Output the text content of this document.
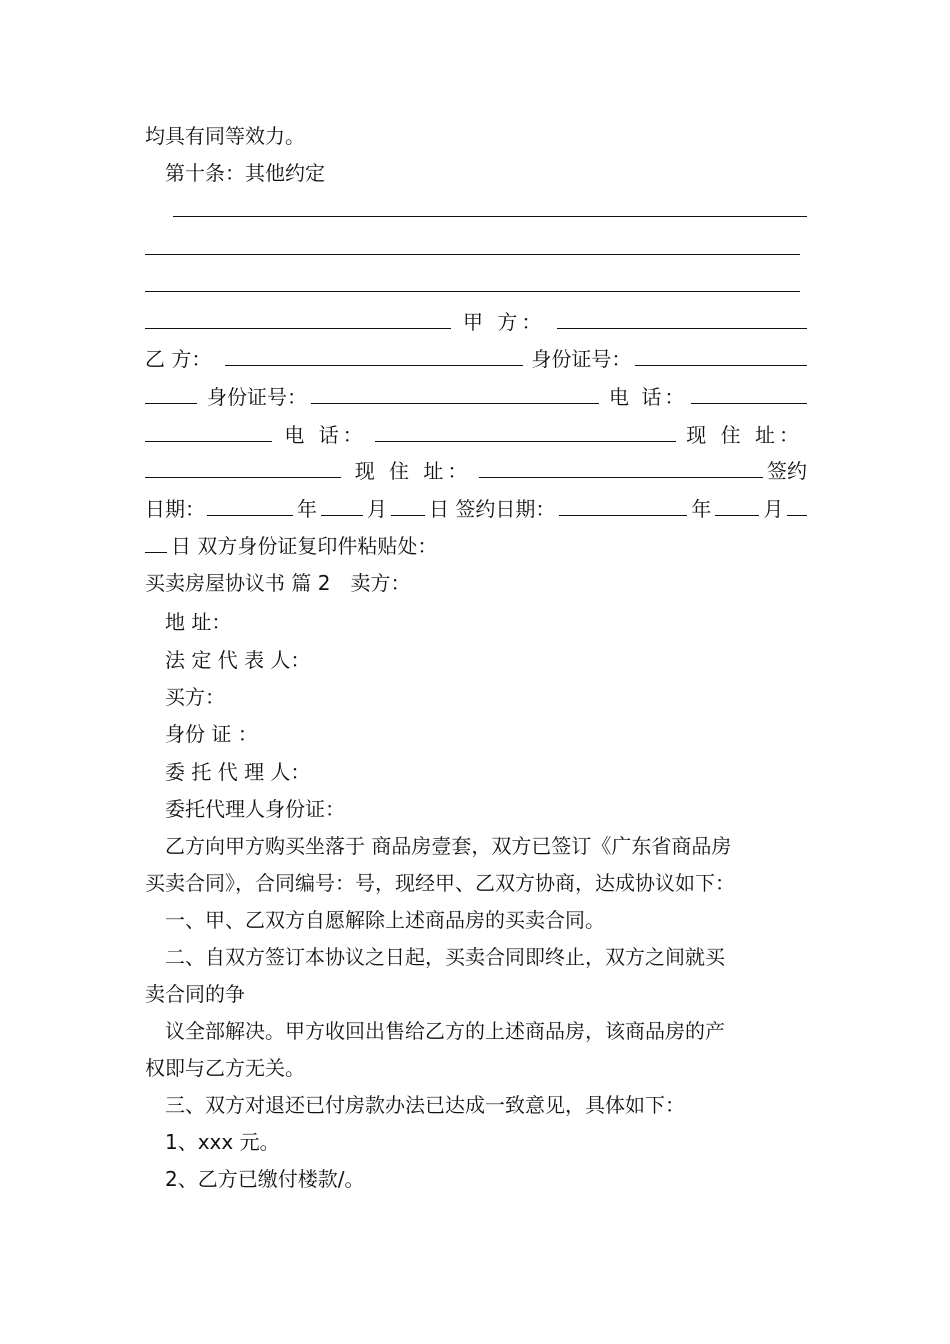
均具有同等效力。
第十条：其他约定
甲 方：
乙 方：	身份证号：
身份证号：	电 话：
电 话：	现 住 址：
现 住 址：	签约
日期：	年	月 日 签约日期：	年	月
日 双方身份证复印件粘贴处：
买卖房屋协议书 篇 2　卖方：
地 址：
法 定 代 表 人：
买方：
身份 证 ：
委 托 代 理 人：
委托代理人身份证：
乙方向甲方购买坐落于 商品房壹套，双方已签订《广东省商品房
买卖合同》，合同编号：号，现经甲、乙双方协商，达成协议如下：
一、甲、乙双方自愿解除上述商品房的买卖合同。
二、自双方签订本协议之日起，买卖合同即终止，双方之间就买
卖合同的争
议全部解决。甲方收回出售给乙方的上述商品房，该商品房的产
权即与乙方无关。
三、双方对退还已付房款办法已达成一致意见，具体如下：
1、xxx 元。
2、乙方已缴付楼款/。
